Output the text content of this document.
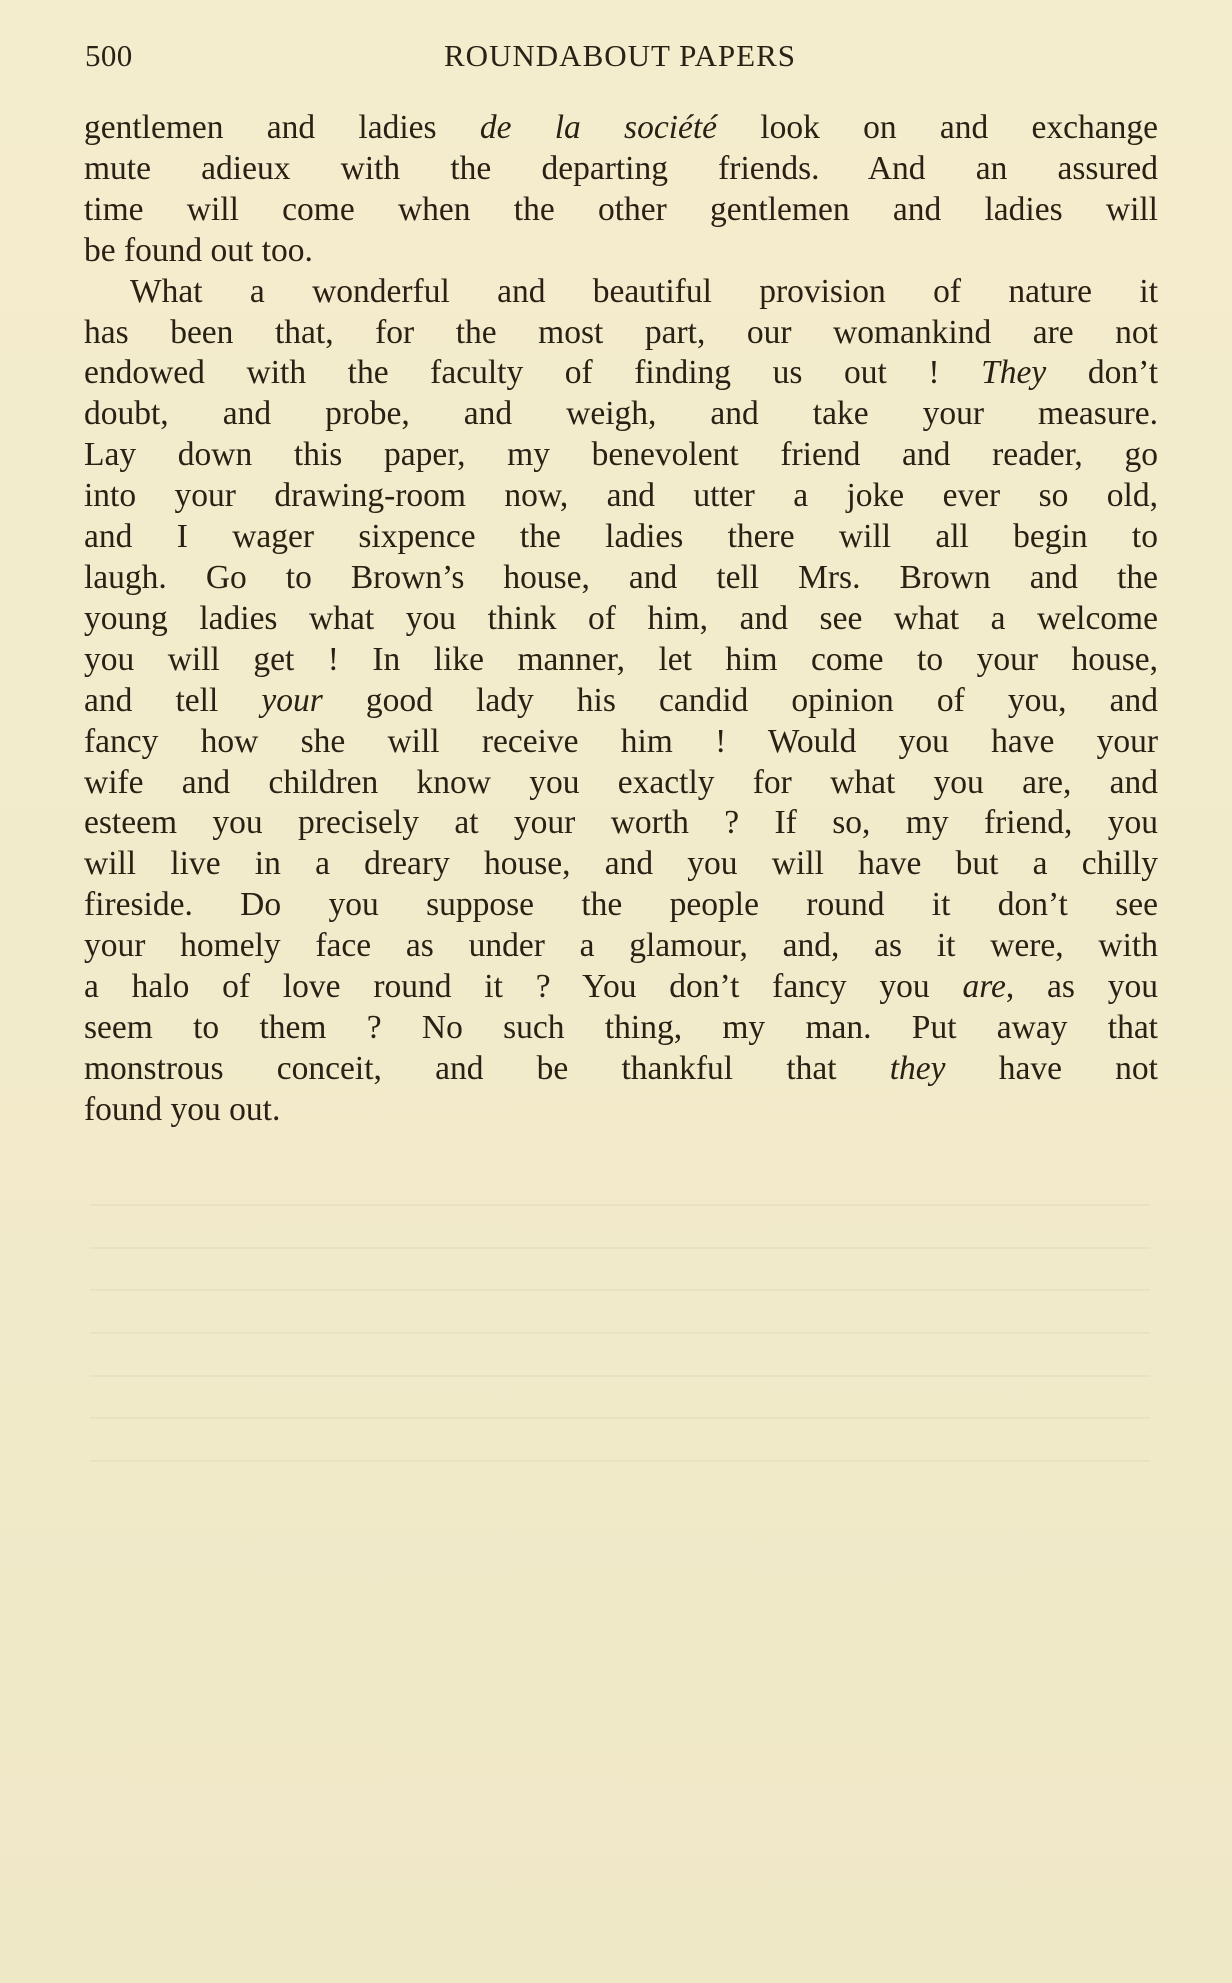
500	ROUNDABOUT PAPERS

gentlemen and ladies de la société look on and exchange

mute adieux with the departing friends. And an assured

time will come when the other gentlemen and ladies will

be found out too.

What a wonderful and beautiful provision of nature it

has been that, for the most part, our womankind are not

endowed with the faculty of finding us out ! They don’t

doubt, and probe, and weigh, and take your measure.

Lay down this paper, my benevolent friend and reader, go

into your drawing-room now, and utter a joke ever so old,

and I wager sixpence the ladies there will all begin to

laugh. Go to Brown’s house, and tell Mrs. Brown and the

young ladies what you think of him, and see what a welcome

you will get ! In like manner, let him come to your house,

and tell your good lady his candid opinion of you, and

fancy how she will receive him ! Would you have your

wife and children know you exactly for what you are, and

esteem you precisely at your worth ? If so, my friend, you

will live in a dreary house, and you will have but a chilly

fireside. Do you suppose the people round it don’t see

your homely face as under a glamour, and, as it were, with

a halo of love round it ? You don’t fancy you are, as you

seem to them ? No such thing, my man. Put away that

monstrous conceit, and be thankful that they have not

found you out.
